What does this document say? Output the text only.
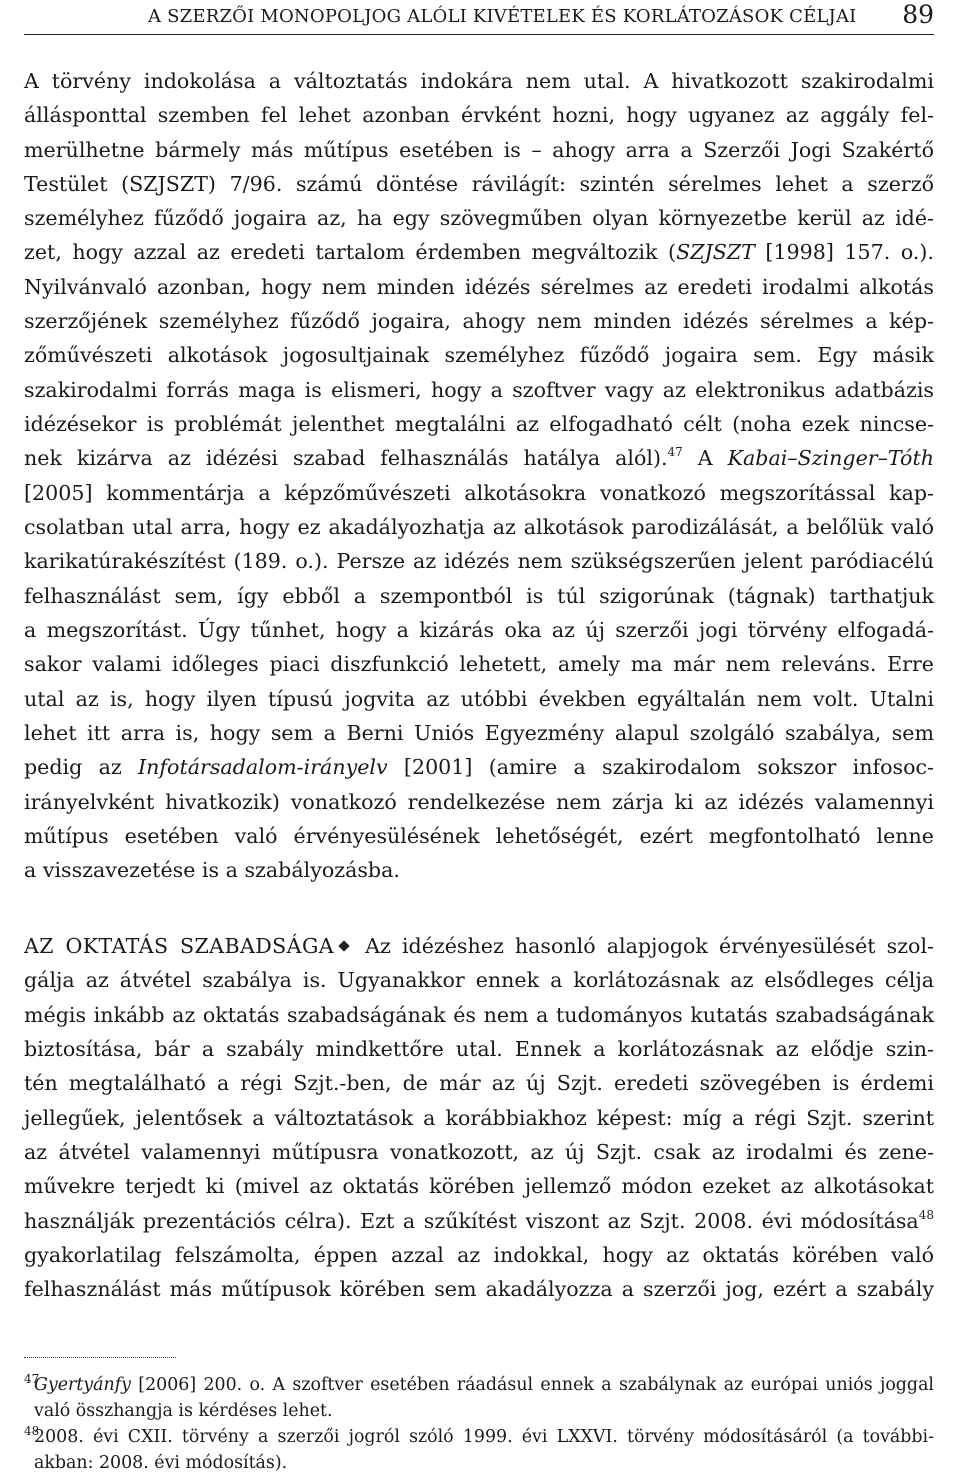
A SZERZŐI MONOPOLJOG ALÓLI KIVÉTELEK ÉS KORLÁTOZÁSOK CÉLJAI 89
A törvény indokolása a változtatás indokára nem utal. A hivatkozott szakirodalmi
állásponttal szemben fel lehet azonban érvként hozni, hogy ugyanez az aggály fel-
merülhetne bármely más műtípus esetében is – ahogy arra a Szerzői Jogi Szakértő
Testület (SZJSZT) 7/96. számú döntése rávilágít: szintén sérelmes lehet a szerző
személyhez fűződő jogaira az, ha egy szövegműben olyan környezetbe kerül az idé-
zet, hogy azzal az eredeti tartalom érdemben megváltozik (SZJSZT [1998] 157. o.).
Nyilvánvaló azonban, hogy nem minden idézés sérelmes az eredeti irodalmi alkotás
szerzőjének személyhez fűződő jogaira, ahogy nem minden idézés sérelmes a kép-
zőművészeti alkotások jogosultjainak személyhez fűződő jogaira sem. Egy másik
szakirodalmi forrás maga is elismeri, hogy a szoftver vagy az elektronikus adatbázis
idézésekor is problémát jelenthet megtalálni az elfogadható célt (noha ezek nincse-
nek kizárva az idézési szabad felhasználás hatálya alól).$^{47}$ A Kabai–Szinger–Tóth
[2005] kommentárja a képzőművészeti alkotásokra vonatkozó megszorítással kap-
csolatban utal arra, hogy ez akadályozhatja az alkotások parodizálását, a belőlük való
karikatúrakészítést (189. o.). Persze az idézés nem szükségszerűen jelent paródiacélú
felhasználást sem, így ebből a szempontból is túl szigorúnak (tágnak) tarthatjuk
a megszorítást. Úgy tűnhet, hogy a kizárás oka az új szerzői jogi törvény elfogadá-
sakor valami időleges piaci diszfunkció lehetett, amely ma már nem releváns. Erre
utal az is, hogy ilyen típusú jogvita az utóbbi években egyáltalán nem volt. Utalni
lehet itt arra is, hogy sem a Berni Uniós Egyezmény alapul szolgáló szabálya, sem
pedig az Infotársadalom-irányelv [2001] (amire a szakirodalom sokszor infosoc-
irányelvként hivatkozik) vonatkozó rendelkezése nem zárja ki az idézés valamennyi
műtípus esetében való érvényesülésének lehetőségét, ezért megfontolható lenne
a visszavezetése is a szabályozásba.
AZ OKTATÁS SZABADSÁGA Az idézéshez hasonló alapjogok érvényesülését szol-
gálja az átvétel szabálya is. Ugyanakkor ennek a korlátozásnak az elsődleges célja
mégis inkább az oktatás szabadságának és nem a tudományos kutatás szabadságának
biztosítása, bár a szabály mindkettőre utal. Ennek a korlátozásnak az elődje szin-
tén megtalálható a régi Szjt.-ben, de már az új Szjt. eredeti szövegében is érdemi
jellegűek, jelentősek a változtatások a korábbiakhoz képest: míg a régi Szjt. szerint
az átvétel valamennyi műtípusra vonatkozott, az új Szjt. csak az irodalmi és zene-
művekre terjedt ki (mivel az oktatás körében jellemző módon ezeket az alkotásokat
használják prezentációs célra). Ezt a szűkítést viszont az Szjt. 2008. évi módosítása$^{48}$
gyakorlatilag felszámolta, éppen azzal az indokkal, hogy az oktatás körében való
felhasználást más műtípusok körében sem akadályozza a szerzői jog, ezért a szabály
47
Gyertyánfy [2006] 200. o. A szoftver esetében ráadásul ennek a szabálynak az európai uniós joggal
való összhangja is kérdéses lehet.
48
2008. évi CXII. törvény a szerzői jogról szóló 1999. évi LXXVI. törvény módosításáról (a további-
akban: 2008. évi módosítás).
